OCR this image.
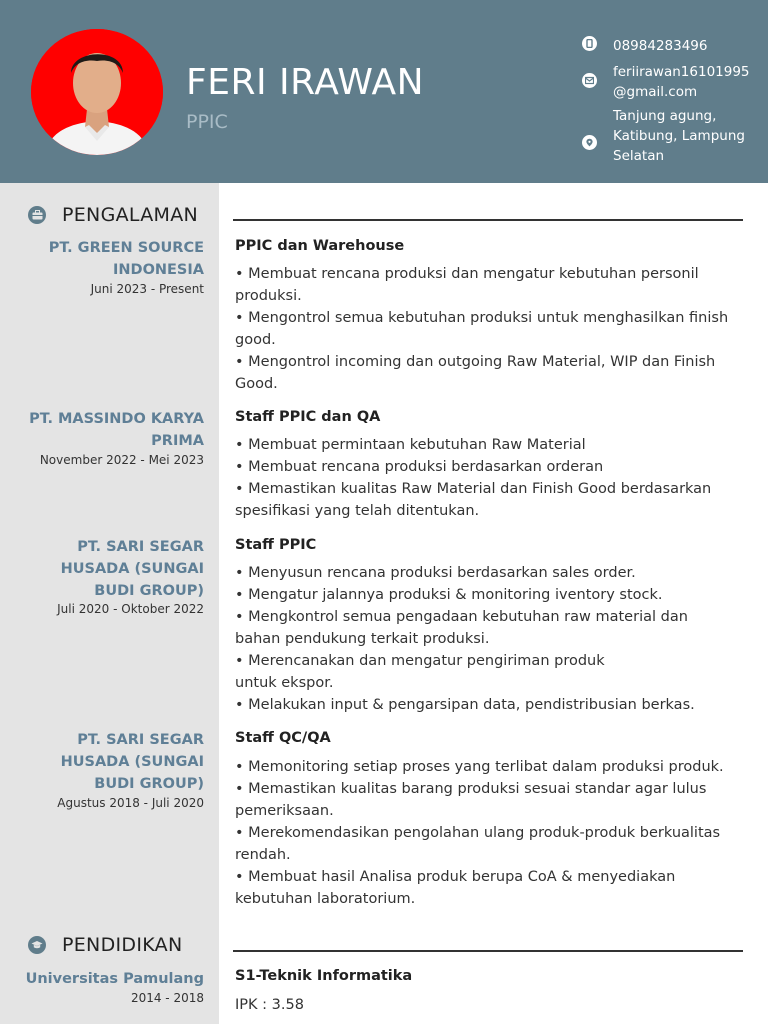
FERI IRAWAN
PPIC
08984283496
feriirawan16101995
@gmail.com
Tanjung agung,
Katibung, Lampung
Selatan
PENGALAMAN
PT. GREEN SOURCE
INDONESIA
Juni 2023 - Present
PPIC dan Warehouse
• Membuat rencana produksi dan mengatur kebutuhan personil
produksi.
• Mengontrol semua kebutuhan produksi untuk menghasilkan finish
good.
• Mengontrol incoming dan outgoing Raw Material, WIP dan Finish
Good.
PT. MASSINDO KARYA
PRIMA
November 2022 - Mei 2023
Staff PPIC dan QA
• Membuat permintaan kebutuhan Raw Material
• Membuat rencana produksi berdasarkan orderan
• Memastikan kualitas Raw Material dan Finish Good berdasarkan
spesifikasi yang telah ditentukan.
PT. SARI SEGAR
HUSADA (SUNGAI
BUDI GROUP)
Juli 2020 - Oktober 2022
Staff PPIC
• Menyusun rencana produksi berdasarkan sales order.
• Mengatur jalannya produksi & monitoring iventory stock.
• Mengkontrol semua pengadaan kebutuhan raw material dan
bahan pendukung terkait produksi.
• Merencanakan dan mengatur pengiriman produk
untuk ekspor.
• Melakukan input & pengarsipan data, pendistribusian berkas.
PT. SARI SEGAR
HUSADA (SUNGAI
BUDI GROUP)
Agustus 2018 - Juli 2020
Staff QC/QA
• Memonitoring setiap proses yang terlibat dalam produksi produk.
• Memastikan kualitas barang produksi sesuai standar agar lulus
pemeriksaan.
• Merekomendasikan pengolahan ulang produk-produk berkualitas
rendah.
• Membuat hasil Analisa produk berupa CoA & menyediakan
kebutuhan laboratorium.
PENDIDIKAN
Universitas Pamulang
2014 - 2018
S1-Teknik Informatika
IPK : 3.58
